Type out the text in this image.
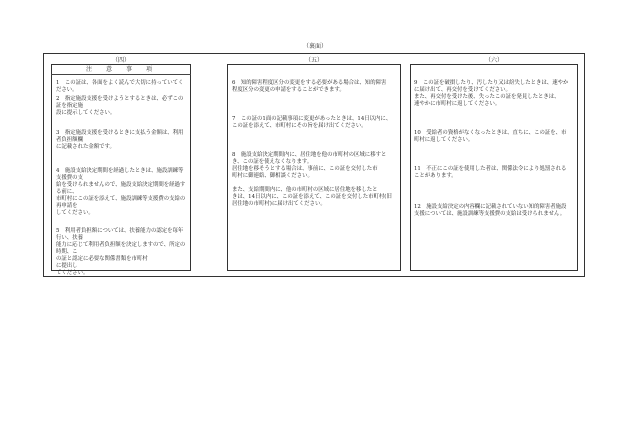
（裏面）
（四）
注　意　事　項

1　この証は、各面をよく読んで大切に持っていてください。

2　指定施設支援を受けようとするときは、必ずこの証を指定施
設に提示してください。

3　指定施設支援を受けるときに支払う金額は、利用者負担額欄
に記載された金額です。

4　施設支給決定期間を経過したときは、施設訓練等支援費の支
給を受けられませんので、施設支給決定期間を経過する前に、
市町村にこの証を添えて、施設訓練等支援費の支給の再申請を
してください。

5　利用者負担額については、扶養能力の認定を毎年行い、扶養
能力に応じて利用者負担額を決定しますので、所定の時期、こ
の証と認定に必要な関係書類を市町村　　　　　　　　に提出し
てください。

（五）

6　知的障害程度区分の変更をする必要がある場合は、知的障害
程度区分の変更の申請をすることができます。

7　この証の1面の記載事項に変更があったときは、14日以内に、
この証を添えて、市町村にその旨を届け出てください。

8　施設支給決定期間内に、居住地を他の市町村の区域に移すと
き、この証を使えなくなります。
居住地を移そうとする場合は、事前に、この証を交付した市
町村に御連絡、御相談ください。

また、支給期間内に、他の市町村の区域に居住地を移したと
きは、14日以内に、この証を添えて、この証を交付した市町村(旧
居住地の市町村)に届け出てください。

（六）

9　この証を破損したり、汚したり又は紛失したときは、速やか
に届け出て、再交付を受けてください。
また、再交付を受けた後、失ったこの証を発見したときは、
速やかに市町村に返してください。

10　受給者の資格がなくなったときは、直ちに、この証を、市
町村に返してください。

11　不正にこの証を使用した者は、関係法令により処罰される
ことがあります。

12　施設支給決定の内容欄に記載されていない知的障害者施設
支援については、施設訓練等支援費の支給は受けられません。
